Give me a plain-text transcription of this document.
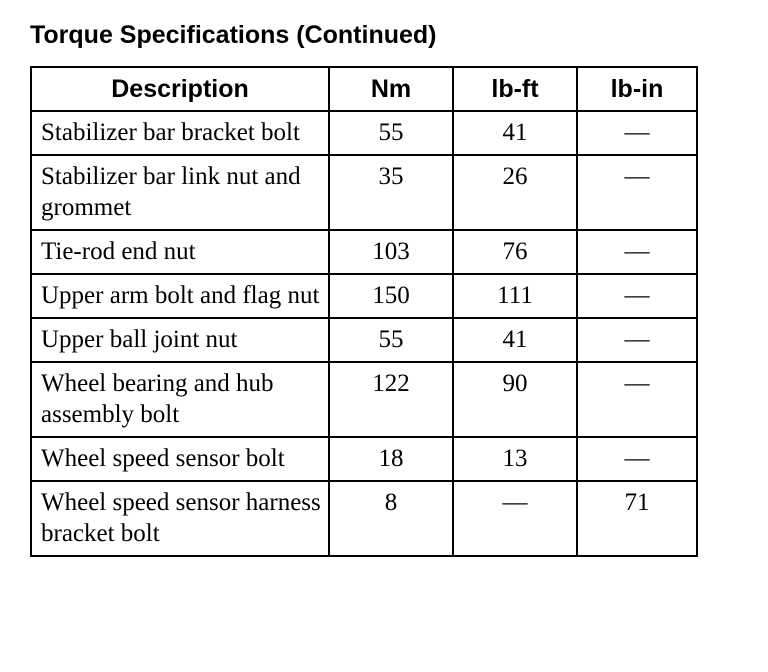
Torque Specifications (Continued)
Description	Nm	lb-ft	lb-in
Stabilizer bar bracket bolt	55	41	—
Stabilizer bar link nut and grommet	35	26	—
Tie-rod end nut	103	76	—
Upper arm bolt and flag nut	150	111	—
Upper ball joint nut	55	41	—
Wheel bearing and hub assembly bolt	122	90	—
Wheel speed sensor bolt	18	13	—
Wheel speed sensor harness bracket bolt	8	—	71
